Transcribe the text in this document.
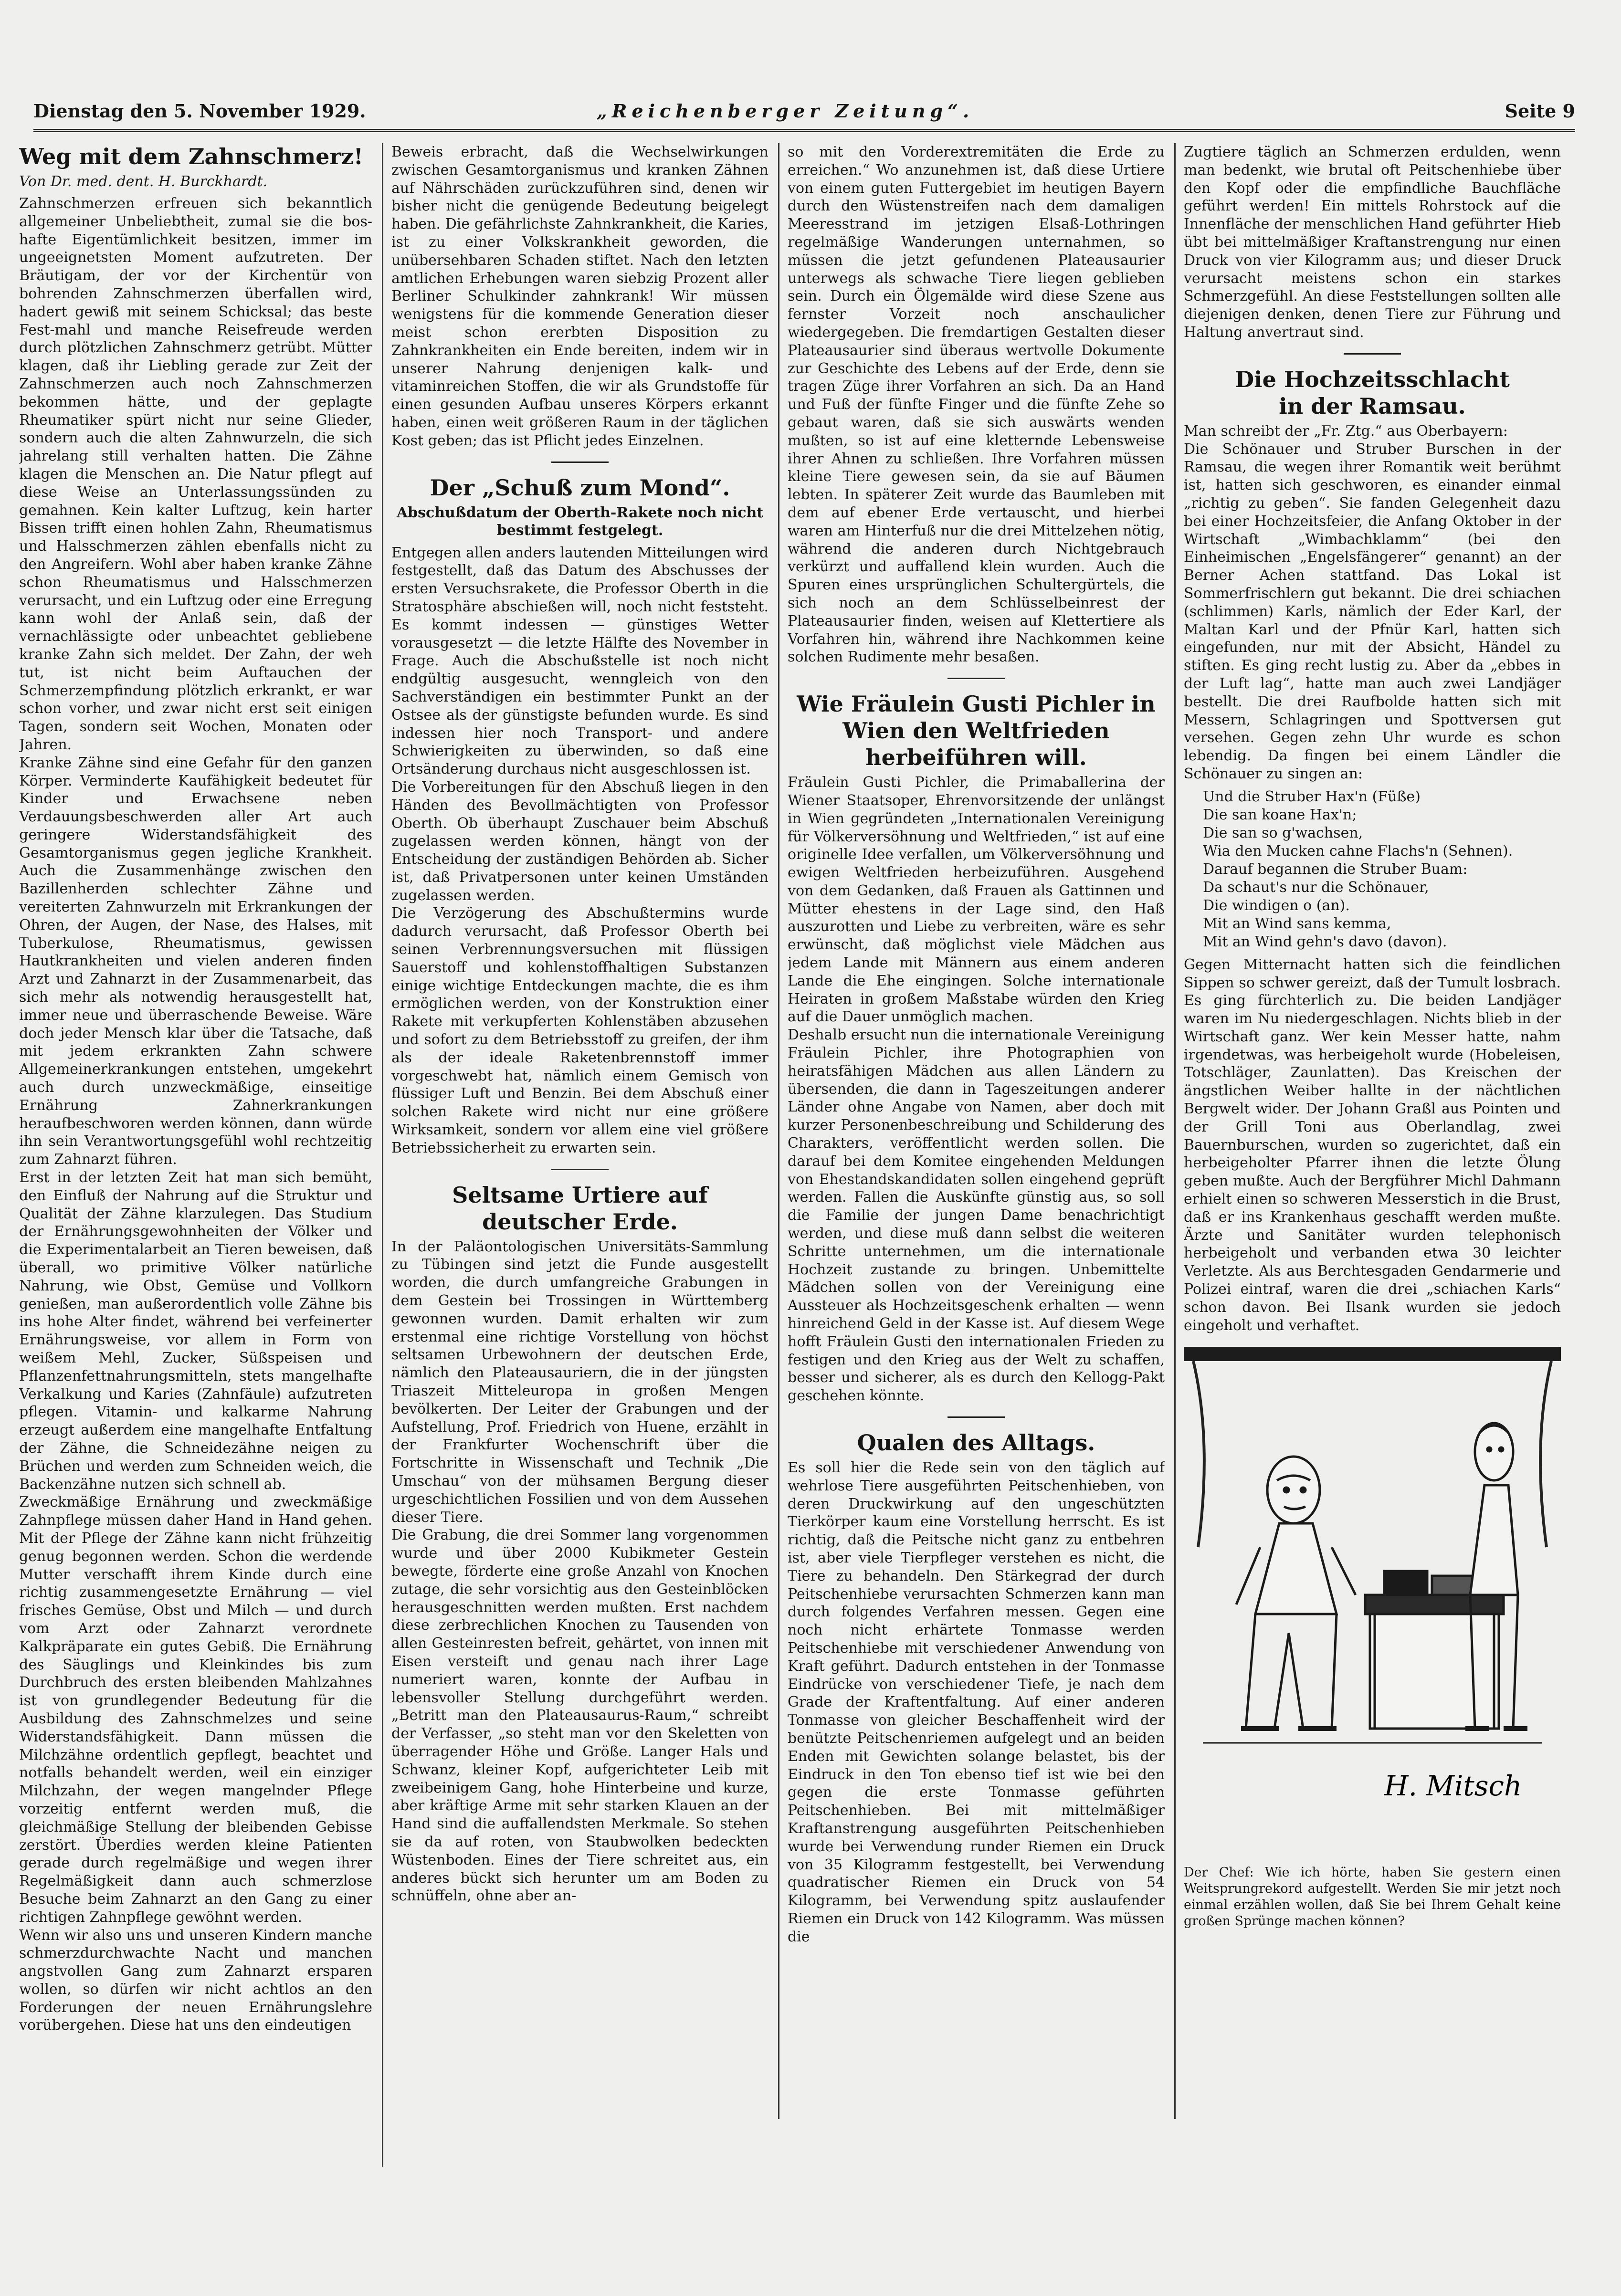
Dienstag den 5. November 1929.	„Reichenberger Zeitung“.	Seite 9
Weg mit dem Zahnschmerz!
Von Dr. med. dent. H. Burckhardt.

Zahnschmerzen erfreuen sich bekanntlich allgemeiner Unbeliebtheit, zumal sie die bos-hafte Eigentümlichkeit besitzen, immer im ungeeignetsten Moment aufzutreten. Der Bräutigam, der vor der Kirchentür von bohrenden Zahnschmerzen überfallen wird, hadert gewiß mit seinem Schicksal; das beste Fest-mahl und manche Reisefreude werden durch plötzlichen Zahnschmerz getrübt. Mütter klagen, daß ihr Liebling gerade zur Zeit der Zahnschmerzen auch noch Zahnschmerzen bekommen hätte, und der geplagte Rheumatiker spürt nicht nur seine Glieder, sondern auch die alten Zahnwurzeln, die sich jahrelang still verhalten hatten. Die Zähne klagen die Menschen an. Die Natur pflegt auf diese Weise an Unterlassungssünden zu gemahnen. Kein kalter Luftzug, kein harter Bissen trifft einen hohlen Zahn, Rheumatismus und Halsschmerzen zählen ebenfalls nicht zu den Angreifern. Wohl aber haben kranke Zähne schon Rheumatismus und Halsschmerzen verursacht, und ein Luftzug oder eine Erregung kann wohl der Anlaß sein, daß der vernachlässigte oder unbeachtet gebliebene kranke Zahn sich meldet. Der Zahn, der weh tut, ist nicht beim Auftauchen der Schmerzempfindung plötzlich erkrankt, er war schon vorher, und zwar nicht erst seit einigen Tagen, sondern seit Wochen, Monaten oder Jahren.

Kranke Zähne sind eine Gefahr für den ganzen Körper. Verminderte Kaufähigkeit bedeutet für Kinder und Erwachsene neben Verdauungsbeschwerden aller Art auch geringere Widerstandsfähigkeit des Gesamtorganismus gegen jegliche Krankheit. Auch die Zusammenhänge zwischen den Bazillenherden schlechter Zähne und vereiterten Zahnwurzeln mit Erkrankungen der Ohren, der Augen, der Nase, des Halses, mit Tuberkulose, Rheumatismus, gewissen Hautkrankheiten und vielen anderen finden Arzt und Zahnarzt in der Zusammenarbeit, das sich mehr als notwendig herausgestellt hat, immer neue und überraschende Beweise. Wäre doch jeder Mensch klar über die Tatsache, daß mit jedem erkrankten Zahn schwere Allgemeinerkrankungen entstehen, umgekehrt auch durch unzweckmäßige, einseitige Ernährung Zahnerkrankungen heraufbeschworen werden können, dann würde ihn sein Verantwortungsgefühl wohl rechtzeitig zum Zahnarzt führen.

Erst in der letzten Zeit hat man sich bemüht, den Einfluß der Nahrung auf die Struktur und Qualität der Zähne klarzulegen. Das Studium der Ernährungsgewohnheiten der Völker und die Experimentalarbeit an Tieren beweisen, daß überall, wo primitive Völker natürliche Nahrung, wie Obst, Gemüse und Vollkorn genießen, man außerordentlich volle Zähne bis ins hohe Alter findet, während bei verfeinerter Ernährungsweise, vor allem in Form von weißem Mehl, Zucker, Süßspeisen und Pflanzenfettnahrungsmitteln, stets mangelhafte Verkalkung und Karies (Zahnfäule) aufzutreten pflegen. Vitamin- und kalkarme Nahrung erzeugt außerdem eine mangelhafte Entfaltung der Zähne, die Schneidezähne neigen zu Brüchen und werden zum Schneiden weich, die Backenzähne nutzen sich schnell ab.

Zweckmäßige Ernährung und zweckmäßige Zahnpflege müssen daher Hand in Hand gehen. Mit der Pflege der Zähne kann nicht frühzeitig genug begonnen werden. Schon die werdende Mutter verschafft ihrem Kinde durch eine richtig zusammengesetzte Ernährung — viel frisches Gemüse, Obst und Milch — und durch vom Arzt oder Zahnarzt verordnete Kalkpräparate ein gutes Gebiß. Die Ernährung des Säuglings und Kleinkindes bis zum Durchbruch des ersten bleibenden Mahlzahnes ist von grundlegender Bedeutung für die Ausbildung des Zahnschmelzes und seine Widerstandsfähigkeit. Dann müssen die Milchzähne ordentlich gepflegt, beachtet und notfalls behandelt werden, weil ein einziger Milchzahn, der wegen mangelnder Pflege vorzeitig entfernt werden muß, die gleichmäßige Stellung der bleibenden Gebisse zerstört. Überdies werden kleine Patienten gerade durch regelmäßige und wegen ihrer Regelmäßigkeit dann auch schmerzlose Besuche beim Zahnarzt an den Gang zu einer richtigen Zahnpflege gewöhnt werden.

Wenn wir also uns und unseren Kindern manche schmerzdurchwachte Nacht und manchen angstvollen Gang zum Zahnarzt ersparen wollen, so dürfen wir nicht achtlos an den Forderungen der neuen Ernährungslehre vorübergehen. Diese hat uns den eindeutigen

Beweis erbracht, daß die Wechselwirkungen zwischen Gesamtorganismus und kranken Zähnen auf Nährschäden zurückzuführen sind, denen wir bisher nicht die genügende Bedeutung beigelegt haben. Die gefährlichste Zahnkrankheit, die Karies, ist zu einer Volkskrankheit geworden, die unübersehbaren Schaden stiftet. Nach den letzten amtlichen Erhebungen waren siebzig Prozent aller Berliner Schulkinder zahnkrank! Wir müssen wenigstens für die kommende Generation dieser meist schon ererbten Disposition zu Zahnkrankheiten ein Ende bereiten, indem wir in unserer Nahrung denjenigen kalk- und vitaminreichen Stoffen, die wir als Grundstoffe für einen gesunden Aufbau unseres Körpers erkannt haben, einen weit größeren Raum in der täglichen Kost geben; das ist Pflicht jedes Einzelnen.

Der „Schuß zum Mond“.
Abschußdatum der Oberth-Rakete noch nicht bestimmt festgelegt.

Entgegen allen anders lautenden Mitteilungen wird festgestellt, daß das Datum des Abschusses der ersten Versuchsrakete, die Professor Oberth in die Stratosphäre abschießen will, noch nicht feststeht. Es kommt indessen — günstiges Wetter vorausgesetzt — die letzte Hälfte des November in Frage. Auch die Abschußstelle ist noch nicht endgültig ausgesucht, wenngleich von den Sachverständigen ein bestimmter Punkt an der Ostsee als der günstigste befunden wurde. Es sind indessen hier noch Transport- und andere Schwierigkeiten zu überwinden, so daß eine Ortsänderung durchaus nicht ausgeschlossen ist.

Die Vorbereitungen für den Abschuß liegen in den Händen des Bevollmächtigten von Professor Oberth. Ob überhaupt Zuschauer beim Abschuß zugelassen werden können, hängt von der Entscheidung der zuständigen Behörden ab. Sicher ist, daß Privatpersonen unter keinen Umständen zugelassen werden.

Die Verzögerung des Abschußtermins wurde dadurch verursacht, daß Professor Oberth bei seinen Verbrennungsversuchen mit flüssigen Sauerstoff und kohlenstoffhaltigen Substanzen einige wichtige Entdeckungen machte, die es ihm ermöglichen werden, von der Konstruktion einer Rakete mit verkupferten Kohlenstäben abzusehen und sofort zu dem Betriebsstoff zu greifen, der ihm als der ideale Raketenbrennstoff immer vorgeschwebt hat, nämlich einem Gemisch von flüssiger Luft und Benzin. Bei dem Abschuß einer solchen Rakete wird nicht nur eine größere Wirksamkeit, sondern vor allem eine viel größere Betriebssicherheit zu erwarten sein.

Seltsame Urtiere auf deutscher Erde.

In der Paläontologischen Universitäts-Sammlung zu Tübingen sind jetzt die Funde ausgestellt worden, die durch umfangreiche Grabungen in dem Gestein bei Trossingen in Württemberg gewonnen wurden. Damit erhalten wir zum erstenmal eine richtige Vorstellung von höchst seltsamen Urbewohnern der deutschen Erde, nämlich den Plateausauriern, die in der jüngsten Triaszeit Mitteleuropa in großen Mengen bevölkerten. Der Leiter der Grabungen und der Aufstellung, Prof. Friedrich von Huene, erzählt in der Frankfurter Wochenschrift über die Fortschritte in Wissenschaft und Technik „Die Umschau“ von der mühsamen Bergung dieser urgeschichtlichen Fossilien und von dem Aussehen dieser Tiere.

Die Grabung, die drei Sommer lang vorgenommen wurde und über 2000 Kubikmeter Gestein bewegte, förderte eine große Anzahl von Knochen zutage, die sehr vorsichtig aus den Gesteinblöcken herausgeschnitten werden mußten. Erst nachdem diese zerbrechlichen Knochen zu Tausenden von allen Gesteinresten befreit, gehärtet, von innen mit Eisen versteift und genau nach ihrer Lage numeriert waren, konnte der Aufbau in lebensvoller Stellung durchgeführt werden. „Betritt man den Plateausaurus-Raum,“ schreibt der Verfasser, „so steht man vor den Skeletten von überragender Höhe und Größe. Langer Hals und Schwanz, kleiner Kopf, aufgerichteter Leib mit zweibeinigem Gang, hohe Hinterbeine und kurze, aber kräftige Arme mit sehr starken Klauen an der Hand sind die auffallendsten Merkmale. So stehen sie da auf roten, von Staubwolken bedeckten Wüstenboden. Eines der Tiere schreitet aus, ein anderes bückt sich herunter um am Boden zu schnüffeln, ohne aber an-

so mit den Vorderextremitäten die Erde zu erreichen.“ Wo anzunehmen ist, daß diese Urtiere von einem guten Futtergebiet im heutigen Bayern durch den Wüstenstreifen nach dem damaligen Meeresstrand im jetzigen Elsaß-Lothringen regelmäßige Wanderungen unternahmen, so müssen die jetzt gefundenen Plateausaurier unterwegs als schwache Tiere liegen geblieben sein. Durch ein Ölgemälde wird diese Szene aus fernster Vorzeit noch anschaulicher wiedergegeben. Die fremdartigen Gestalten dieser Plateausaurier sind überaus wertvolle Dokumente zur Geschichte des Lebens auf der Erde, denn sie tragen Züge ihrer Vorfahren an sich. Da an Hand und Fuß der fünfte Finger und die fünfte Zehe so gebaut waren, daß sie sich auswärts wenden mußten, so ist auf eine kletternde Lebensweise ihrer Ahnen zu schließen. Ihre Vorfahren müssen kleine Tiere gewesen sein, da sie auf Bäumen lebten. In späterer Zeit wurde das Baumleben mit dem auf ebener Erde vertauscht, und hierbei waren am Hinterfuß nur die drei Mittelzehen nötig, während die anderen durch Nichtgebrauch verkürzt und auffallend klein wurden. Auch die Spuren eines ursprünglichen Schultergürtels, die sich noch an dem Schlüsselbeinrest der Plateausaurier finden, weisen auf Klettertiere als Vorfahren hin, während ihre Nachkommen keine solchen Rudimente mehr besaßen.

Wie Fräulein Gusti Pichler in Wien den Weltfrieden herbeiführen will.

Fräulein Gusti Pichler, die Primaballerina der Wiener Staatsoper, Ehrenvorsitzende der unlängst in Wien gegründeten „Internationalen Vereinigung für Völkerversöhnung und Weltfrieden,“ ist auf eine originelle Idee verfallen, um Völkerversöhnung und ewigen Weltfrieden herbeizuführen. Ausgehend von dem Gedanken, daß Frauen als Gattinnen und Mütter ehestens in der Lage sind, den Haß auszurotten und Liebe zu verbreiten, wäre es sehr erwünscht, daß möglichst viele Mädchen aus jedem Lande mit Männern aus einem anderen Lande die Ehe eingingen. Solche internationale Heiraten in großem Maßstabe würden den Krieg auf die Dauer unmöglich machen.

Deshalb ersucht nun die internationale Vereinigung Fräulein Pichler, ihre Photographien von heiratsfähigen Mädchen aus allen Ländern zu übersenden, die dann in Tageszeitungen anderer Länder ohne Angabe von Namen, aber doch mit kurzer Personenbeschreibung und Schilderung des Charakters, veröffentlicht werden sollen. Die darauf bei dem Komitee eingehenden Meldungen von Ehestandskandidaten sollen eingehend geprüft werden. Fallen die Auskünfte günstig aus, so soll die Familie der jungen Dame benachrichtigt werden, und diese muß dann selbst die weiteren Schritte unternehmen, um die internationale Hochzeit zustande zu bringen. Unbemittelte Mädchen sollen von der Vereinigung eine Aussteuer als Hochzeitsgeschenk erhalten — wenn hinreichend Geld in der Kasse ist. Auf diesem Wege hofft Fräulein Gusti den internationalen Frieden zu festigen und den Krieg aus der Welt zu schaffen, besser und sicherer, als es durch den Kellogg-Pakt geschehen könnte.

Qualen des Alltags.

Es soll hier die Rede sein von den täglich auf wehrlose Tiere ausgeführten Peitschenhieben, von deren Druckwirkung auf den ungeschützten Tierkörper kaum eine Vorstellung herrscht. Es ist richtig, daß die Peitsche nicht ganz zu entbehren ist, aber viele Tierpfleger verstehen es nicht, die Tiere zu behandeln. Den Stärkegrad der durch Peitschenhiebe verursachten Schmerzen kann man durch folgendes Verfahren messen. Gegen eine noch nicht erhärtete Tonmasse werden Peitschenhiebe mit verschiedener Anwendung von Kraft geführt. Dadurch entstehen in der Tonmasse Eindrücke von verschiedener Tiefe, je nach dem Grade der Kraftentfaltung. Auf einer anderen Tonmasse von gleicher Beschaffenheit wird der benützte Peitschenriemen aufgelegt und an beiden Enden mit Gewichten solange belastet, bis der Eindruck in den Ton ebenso tief ist wie bei den gegen die erste Tonmasse geführten Peitschenhieben. Bei mit mittelmäßiger Kraftanstrengung ausgeführten Peitschenhieben wurde bei Verwendung runder Riemen ein Druck von 35 Kilogramm festgestellt, bei Verwendung quadratischer Riemen ein Druck von 54 Kilogramm, bei Verwendung spitz auslaufender Riemen ein Druck von 142 Kilogramm. Was müssen die

Zugtiere täglich an Schmerzen erdulden, wenn man bedenkt, wie brutal oft Peitschenhiebe über den Kopf oder die empfindliche Bauchfläche geführt werden! Ein mittels Rohrstock auf die Innenfläche der menschlichen Hand geführter Hieb übt bei mittelmäßiger Kraftanstrengung nur einen Druck von vier Kilogramm aus; und dieser Druck verursacht meistens schon ein starkes Schmerzgefühl. An diese Feststellungen sollten alle diejenigen denken, denen Tiere zur Führung und Haltung anvertraut sind.

Die Hochzeitsschlacht
in der Ramsau.

Man schreibt der „Fr. Ztg.“ aus Oberbayern:

Die Schönauer und Struber Burschen in der Ramsau, die wegen ihrer Romantik weit berühmt ist, hatten sich geschworen, es einander einmal „richtig zu geben“. Sie fanden Gelegenheit dazu bei einer Hochzeitsfeier, die Anfang Oktober in der Wirtschaft „Wimbachklamm“ (bei den Einheimischen „Engelsfängerer“ genannt) an der Berner Achen stattfand. Das Lokal ist Sommerfrischlern gut bekannt. Die drei schiachen (schlimmen) Karls, nämlich der Eder Karl, der Maltan Karl und der Pfnür Karl, hatten sich eingefunden, nur mit der Absicht, Händel zu stiften. Es ging recht lustig zu. Aber da „ebbes in der Luft lag“, hatte man auch zwei Landjäger bestellt. Die drei Raufbolde hatten sich mit Messern, Schlagringen und Spottversen gut versehen. Gegen zehn Uhr wurde es schon lebendig. Da fingen bei einem Ländler die Schönauer zu singen an:

Und die Struber Hax'n (Füße)
Die san koane Hax'n;
Die san so g'wachsen,
Wia den Mucken cahne Flachs'n (Sehnen).
Darauf begannen die Struber Buam:
Da schaut's nur die Schönauer,
Die windigen o (an).
Mit an Wind sans kemma,
Mit an Wind gehn's davo (davon).

Gegen Mitternacht hatten sich die feindlichen Sippen so schwer gereizt, daß der Tumult losbrach. Es ging fürchterlich zu. Die beiden Landjäger waren im Nu niedergeschlagen. Nichts blieb in der Wirtschaft ganz. Wer kein Messer hatte, nahm irgendetwas, was herbeigeholt wurde (Hobeleisen, Totschläger, Zaunlatten). Das Kreischen der ängstlichen Weiber hallte in der nächtlichen Bergwelt wider. Der Johann Graßl aus Pointen und der Grill Toni aus Oberlandlag, zwei Bauernburschen, wurden so zugerichtet, daß ein herbeigeholter Pfarrer ihnen die letzte Ölung geben mußte. Auch der Bergführer Michl Dahmann erhielt einen so schweren Messerstich in die Brust, daß er ins Krankenhaus geschafft werden mußte. Ärzte und Sanitäter wurden telephonisch herbeigeholt und verbanden etwa 30 leichter Verletzte. Als aus Berchtesgaden Gendarmerie und Polizei eintraf, waren die drei „schiachen Karls“ schon davon. Bei Ilsank wurden sie jedoch eingeholt und verhaftet.

H. Mitsch
Der Chef: Wie ich hörte, haben Sie gestern einen Weitsprungrekord aufgestellt. Werden Sie mir jetzt noch einmal erzählen wollen, daß Sie bei Ihrem Gehalt keine großen Sprünge machen können?
